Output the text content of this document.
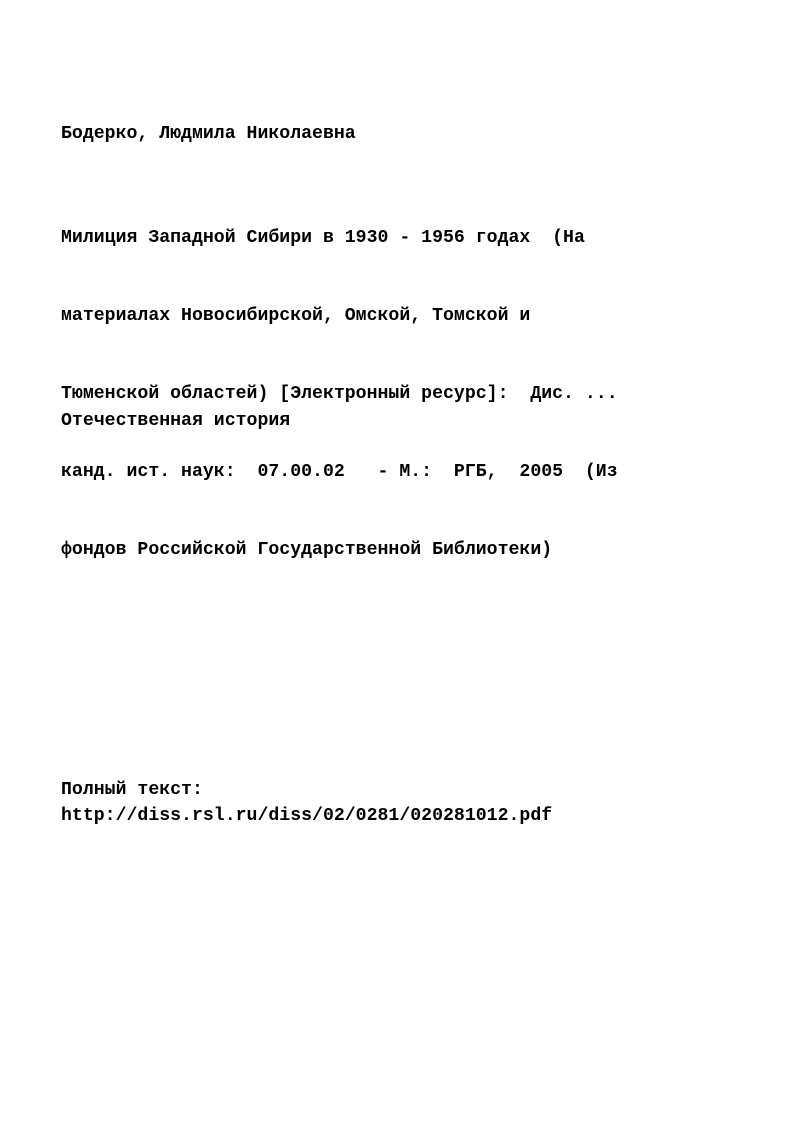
Бодерко, Людмила Николаевна

Милиция Западной Сибири в 1930 - 1956 годах  (На

материалах Новосибирской, Омской, Томской и

Тюменской областей) [Электронный ресурс]:  Дис. ...

канд. ист. наук:  07.00.02   - М.:  РГБ,  2005  (Из

фондов Российской Государственной Библиотеки)

Отечественная история

Полный текст:

http://diss.rsl.ru/diss/02/0281/020281012.pdf
